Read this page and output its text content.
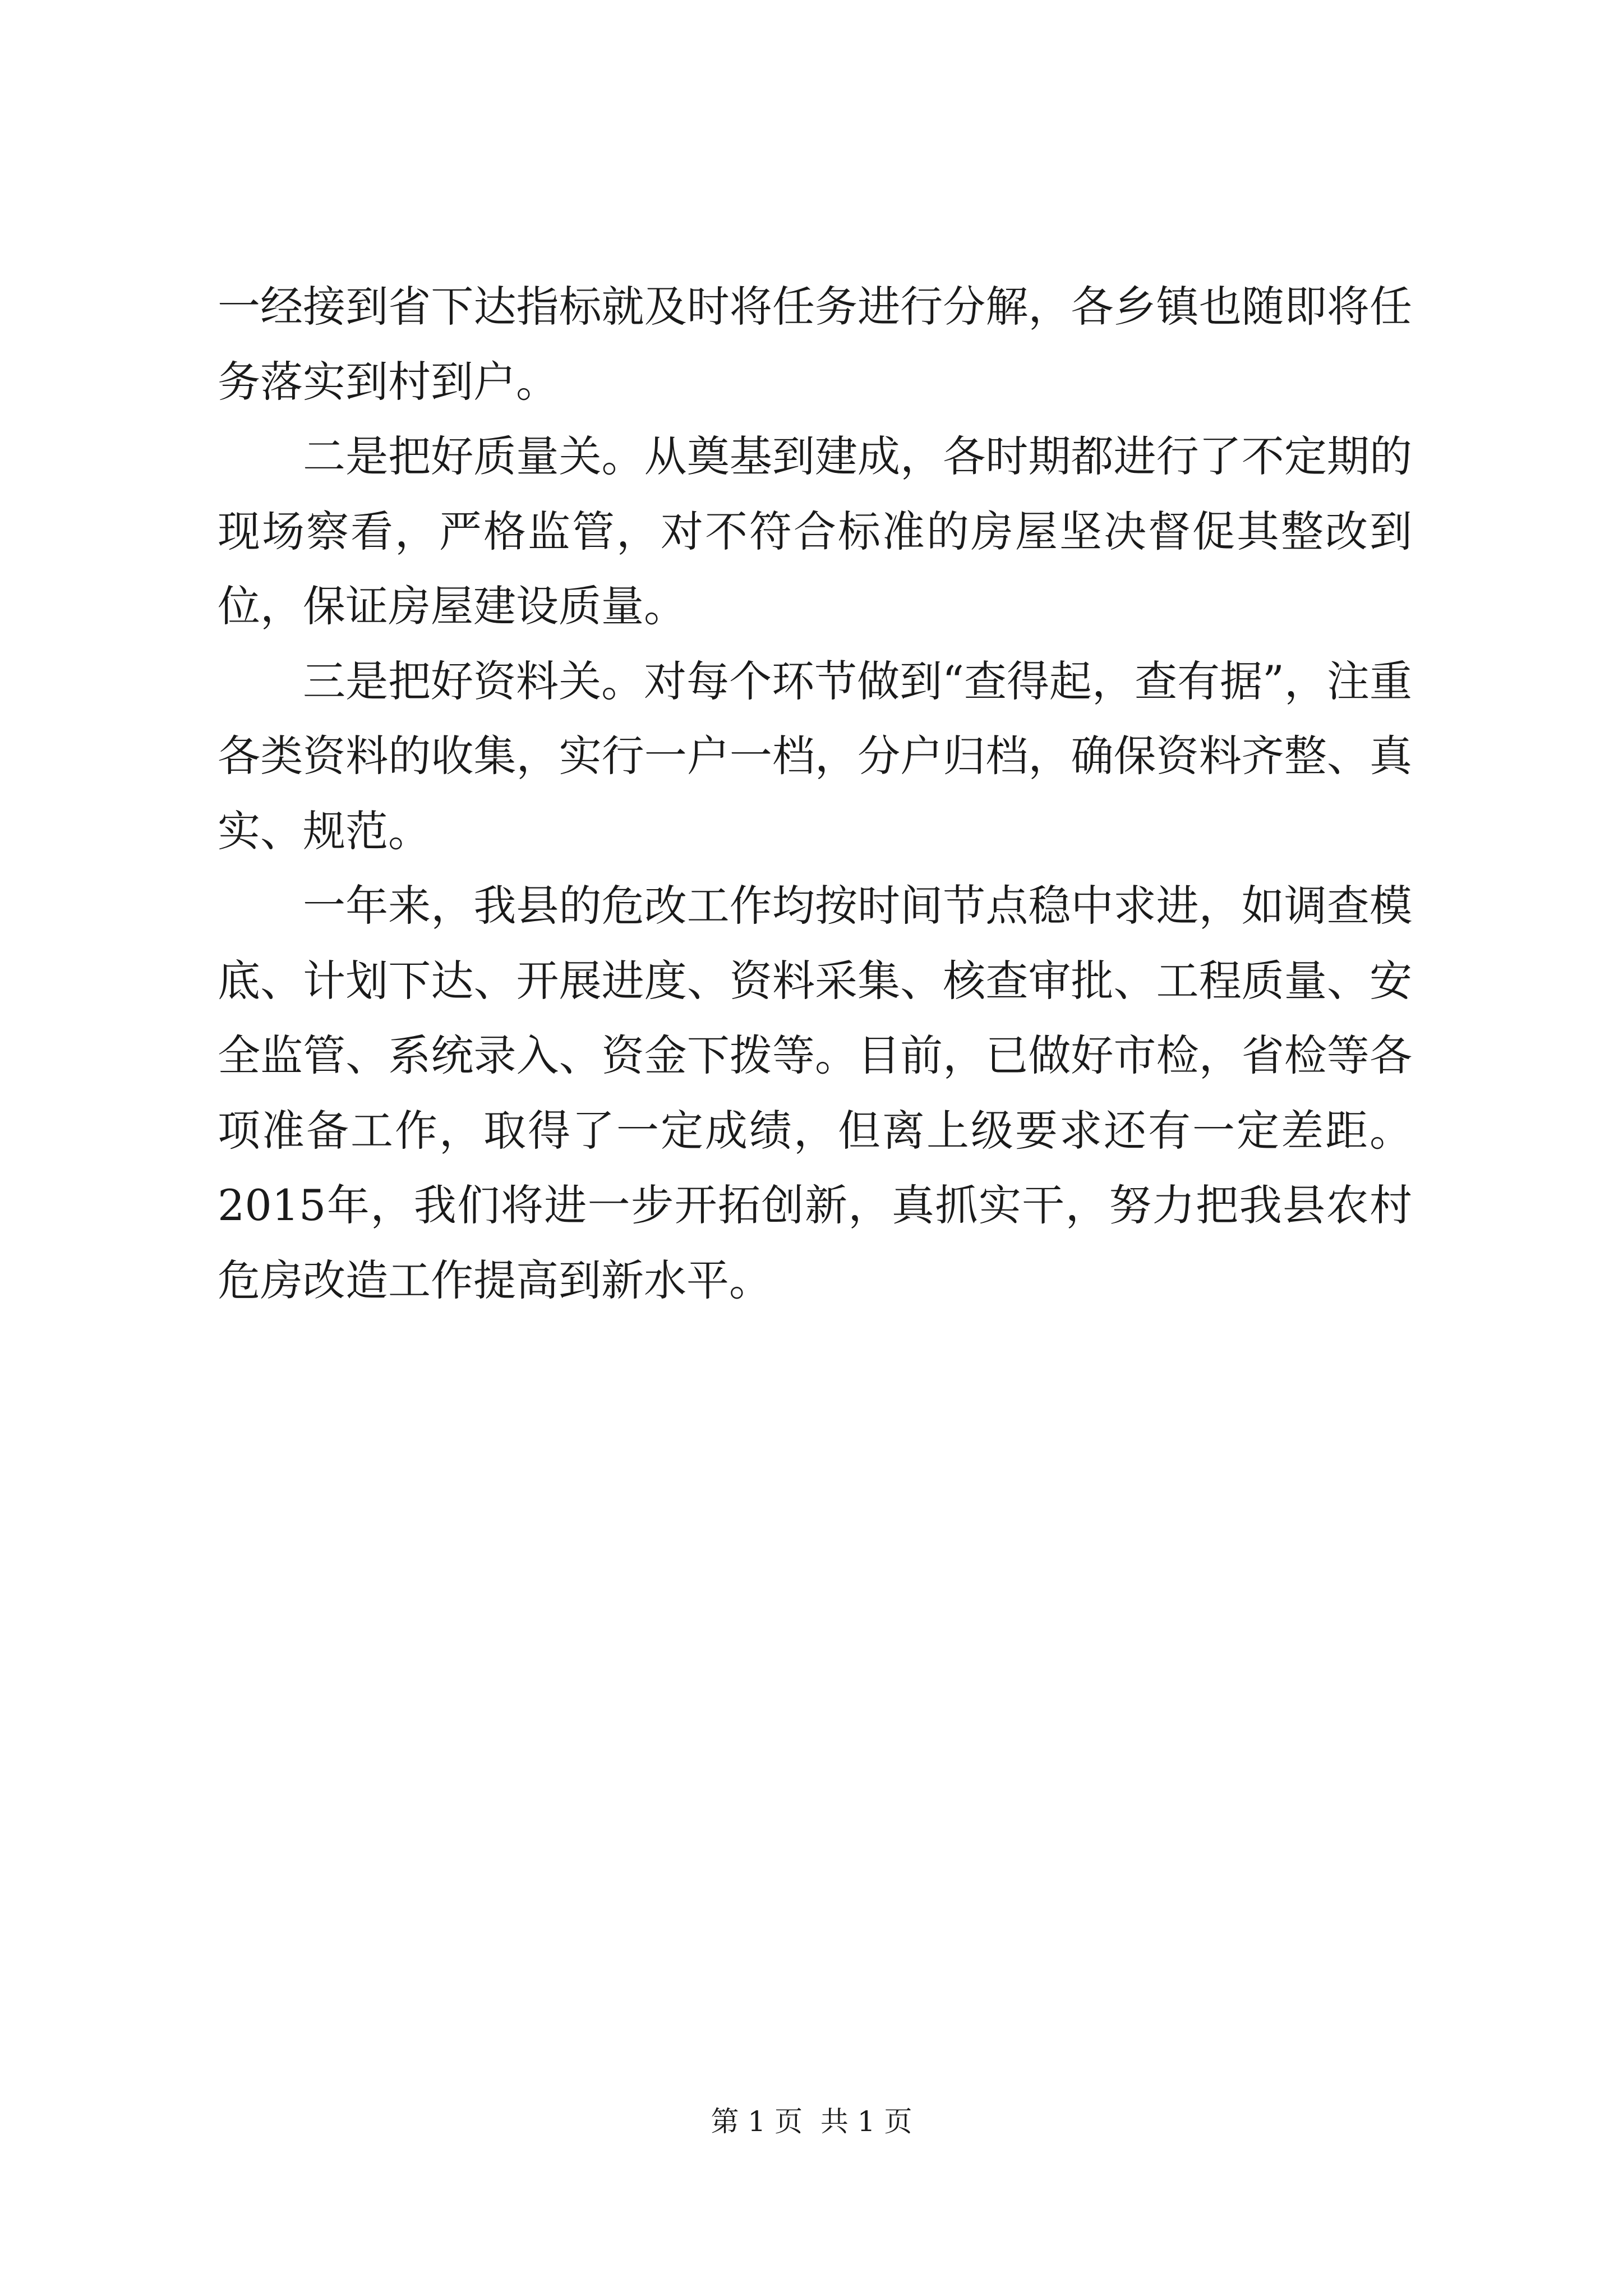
一经接到省下达指标就及时将任务进行分解，各乡镇也随即将任务落实到村到户。

二是把好质量关。从奠基到建成，各时期都进行了不定期的现场察看，严格监管，对不符合标准的房屋坚决督促其整改到位，保证房屋建设质量。

三是把好资料关。对每个环节做到“查得起，查有据”，注重各类资料的收集，实行一户一档，分户归档，确保资料齐整、真实、规范。

一年来，我县的危改工作均按时间节点稳中求进，如调查模底、计划下达、开展进度、资料采集、核查审批、工程质量、安全监管、系统录入、资金下拨等。目前，已做好市检，省检等各项准备工作，取得了一定成绩，但离上级要求还有一定差距。2015年，我们将进一步开拓创新，真抓实干，努力把我县农村危房改造工作提高到新水平。

第 1 页  共 1 页
